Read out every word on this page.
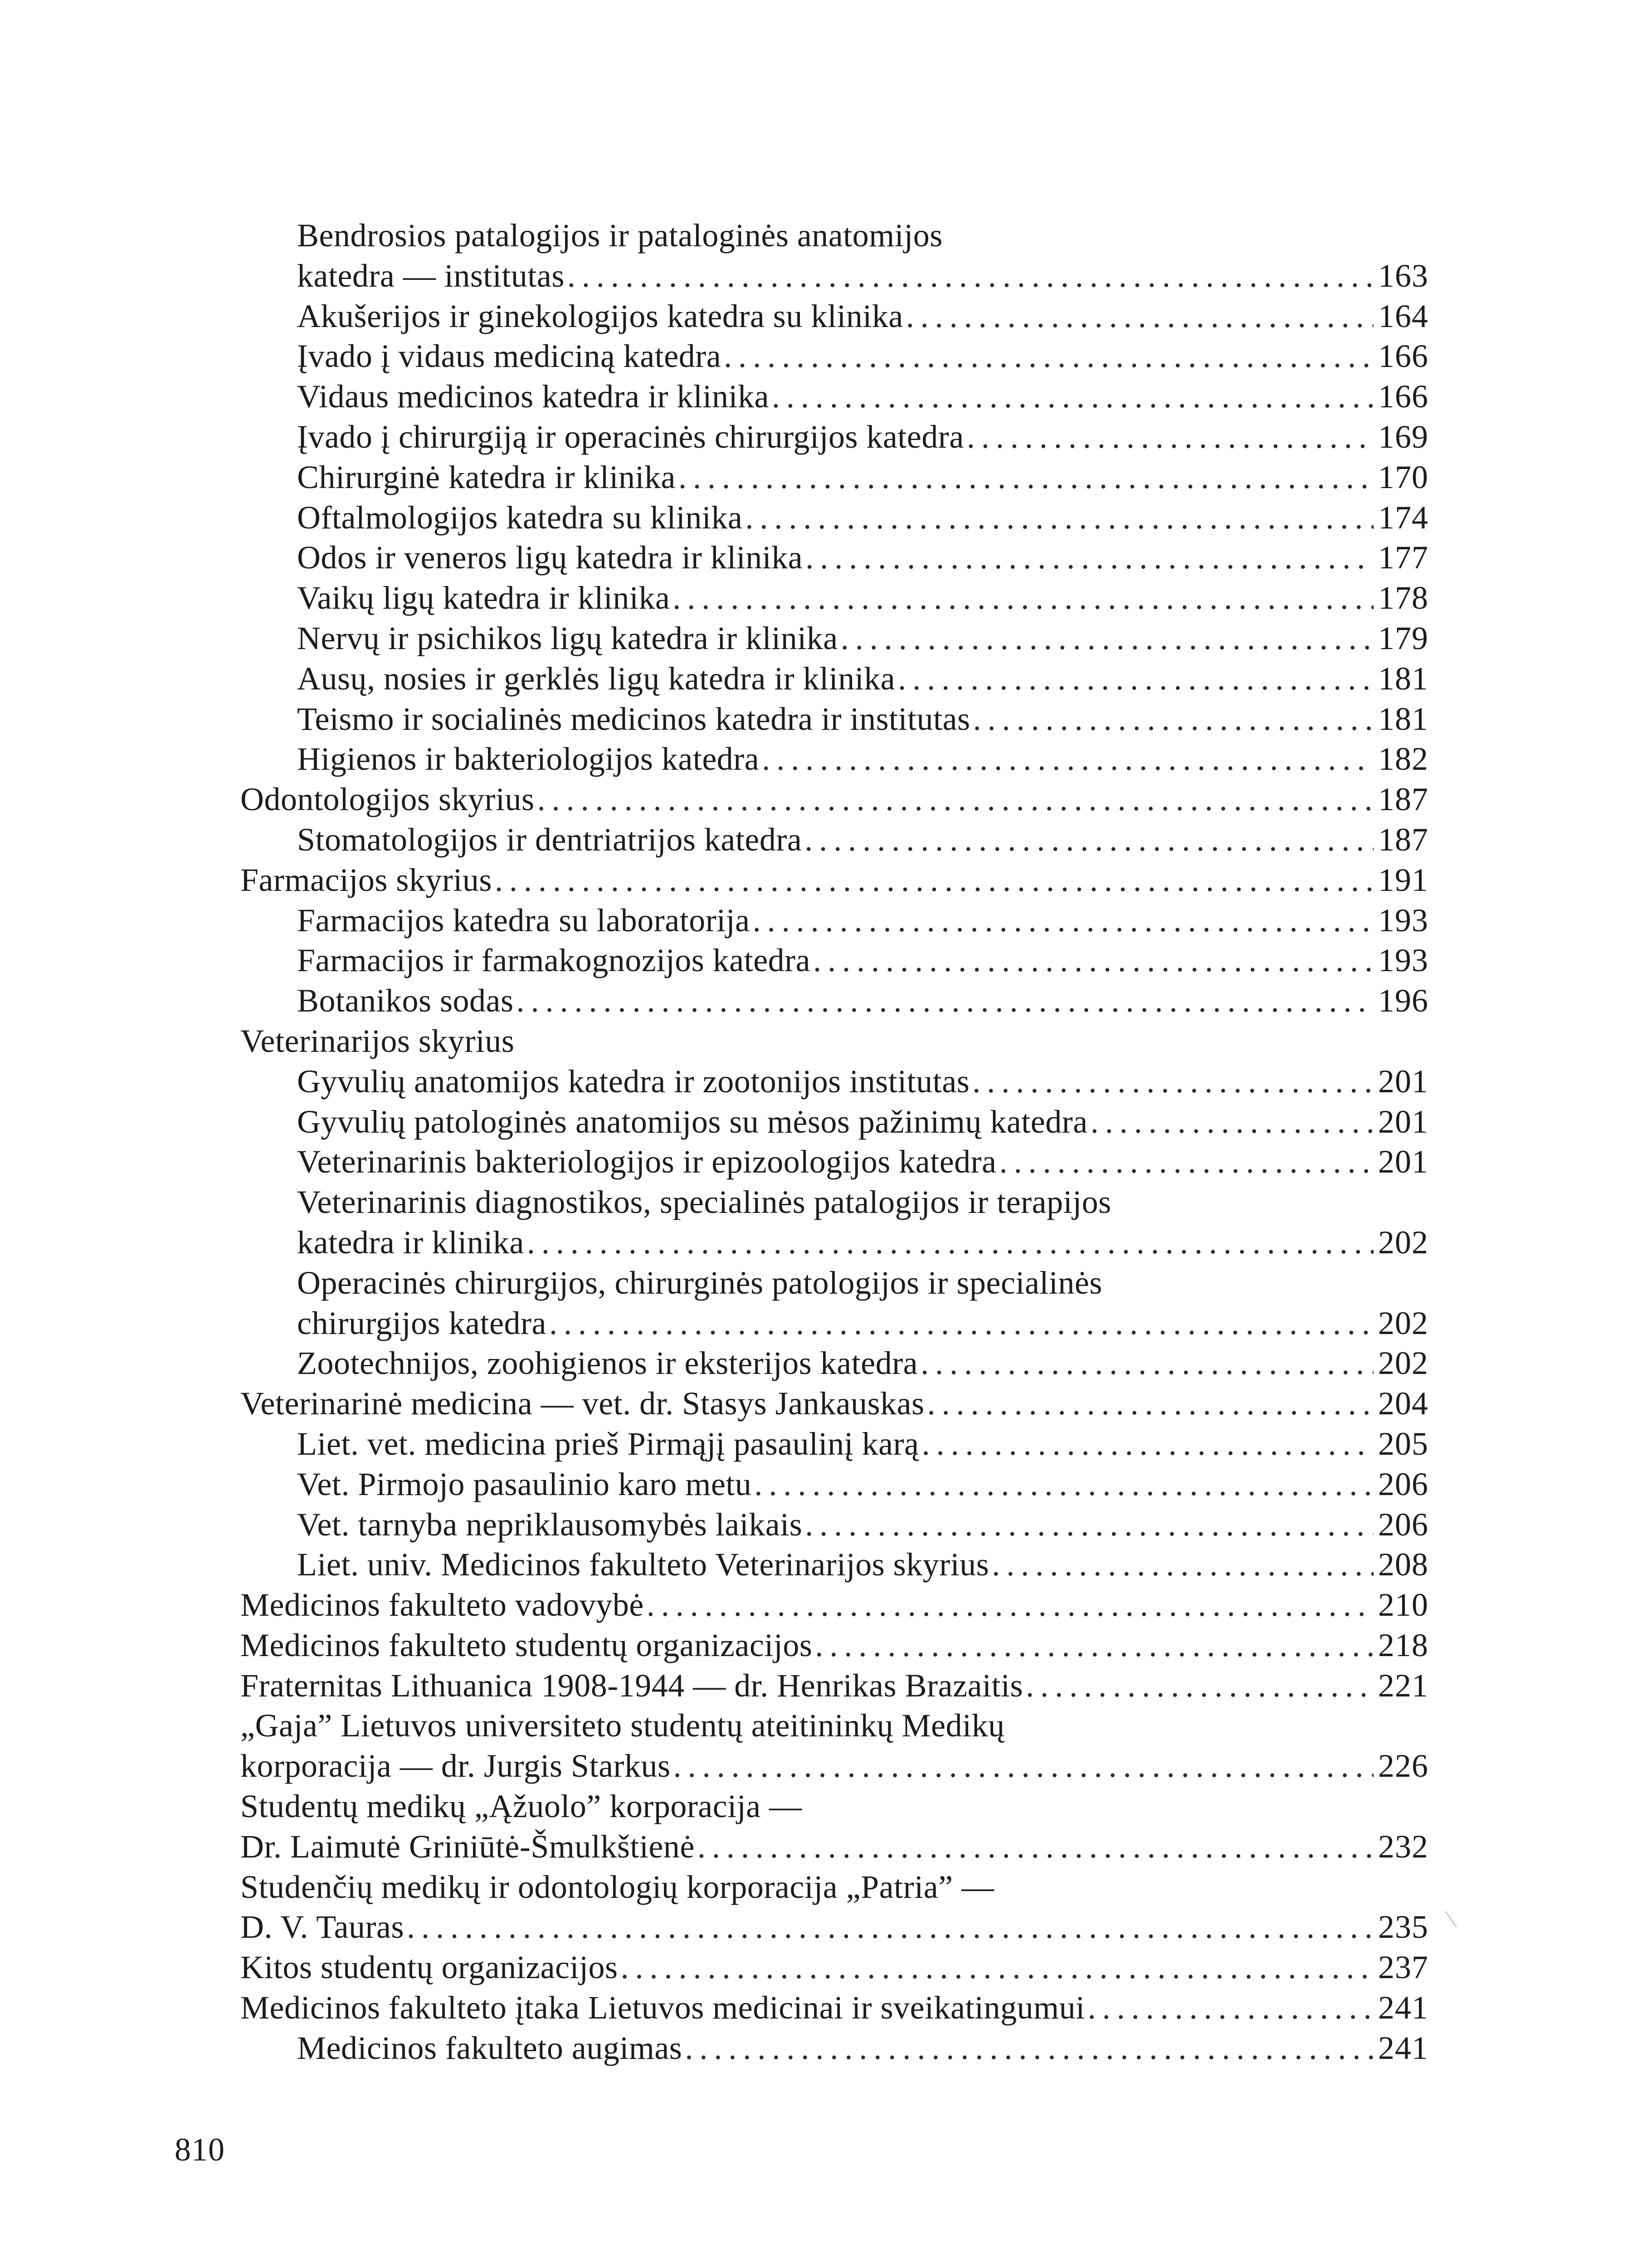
Bendrosios patalogijos ir pataloginės anatomijos
katedra — institutas .....	163
Akušerijos ir ginekologijos katedra su klinika .....	164
Įvado į vidaus mediciną katedra .....	166
Vidaus medicinos katedra ir klinika .....	166
Įvado į chirurgiją ir operacinės chirurgijos katedra .....	169
Chirurginė katedra ir klinika .....	170
Oftalmologijos katedra su klinika .....	174
Odos ir veneros ligų katedra ir klinika .....	177
Vaikų ligų katedra ir klinika .....	178
Nervų ir psichikos ligų katedra ir klinika .....	179
Ausų, nosies ir gerklės ligų katedra ir klinika .....	181
Teismo ir socialinės medicinos katedra ir institutas .....	181
Higienos ir bakteriologijos katedra .....	182
Odontologijos skyrius .....	187
Stomatologijos ir dentriatrijos katedra .....	187
Farmacijos skyrius .....	191
Farmacijos katedra su laboratorija .....	193
Farmacijos ir farmakognozijos katedra .....	193
Botanikos sodas .....	196
Veterinarijos skyrius
Gyvulių anatomijos katedra ir zootonijos institutas .....	201
Gyvulių patologinės anatomijos su mėsos pažinimų katedra .....	201
Veterinarinis bakteriologijos ir epizoologijos katedra .....	201
Veterinarinis diagnostikos, specialinės patalogijos ir terapijos
katedra ir klinika .....	202
Operacinės chirurgijos, chirurginės patologijos ir specialinės
chirurgijos katedra .....	202
Zootechnijos, zoohigienos ir eksterijos katedra .....	202
Veterinarinė medicina — vet. dr. Stasys Jankauskas .....	204
Liet. vet. medicina prieš Pirmąjį pasaulinį karą .....	205
Vet. Pirmojo pasaulinio karo metu .....	206
Vet. tarnyba nepriklausomybės laikais .....	206
Liet. univ. Medicinos fakulteto Veterinarijos skyrius .....	208
Medicinos fakulteto vadovybė .....	210
Medicinos fakulteto studentų organizacijos .....	218
Fraternitas Lithuanica 1908-1944 — dr. Henrikas Brazaitis .....	221
„Gaja” Lietuvos universiteto studentų ateitininkų Medikų
korporacija — dr. Jurgis Starkus .....	226
Studentų medikų „Ąžuolo” korporacija —
Dr. Laimutė Griniūtė-Šmulkštienė .....	232
Studenčių medikų ir odontologių korporacija „Patria” —
D. V. Tauras .....	235
Kitos studentų organizacijos .....	237
Medicinos fakulteto įtaka Lietuvos medicinai ir sveikatingumui .....	241
Medicinos fakulteto augimas .....	241
810
